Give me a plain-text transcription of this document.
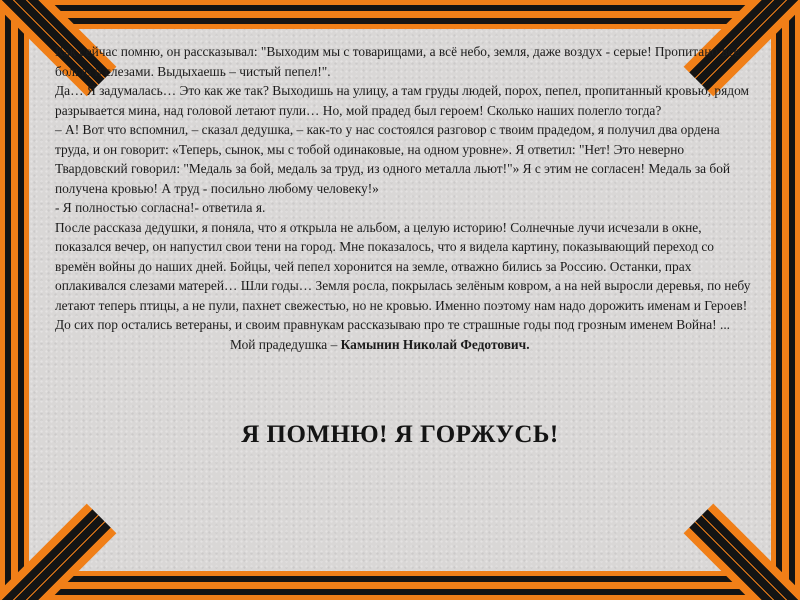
Как сейчас помню, он рассказывал: "Выходим мы с товарищами, а всё небо, земля, даже воздух - серые! Пропитано все болью и слезами. Выдыхаешь – чистый пепел!".

Да… Я задумалась… Это как же так? Выходишь на улицу, а там груды людей, порох, пепел, пропитанный кровью, рядом разрывается мина, над головой летают пули… Но, мой прадед был героем! Сколько наших полегло тогда?

– А! Вот что вспомнил, – сказал дедушка, – как-то у нас состоялся разговор с твоим прадедом, я получил два ордена труда, и он говорит: «Теперь, сынок, мы с тобой одинаковые, на одном уровне». Я ответил: "Нет! Это неверно Твардовский говорил: "Медаль за бой, медаль за труд, из одного металла льют!"» Я с этим не согласен! Медаль за бой получена кровью! А труд - посильно любому человеку!»

- Я полностью согласна!- ответила я.

После рассказа дедушки, я поняла, что я открыла не альбом, а целую историю! Солнечные лучи исчезали в окне, показался вечер, он напустил свои тени на город. Мне показалось, что я видела картину, показывающий переход со времён войны до наших дней. Бойцы, чей пепел хоронится на земле, отважно бились за Россию. Останки, прах оплакивался слезами матерей… Шли годы… Земля росла, покрылась зелёным ковром, а на ней выросли деревья, по небу летают теперь птицы, а не пули, пахнет свежестью, но не кровью. Именно поэтому нам надо дорожить именам и Героев! До сих пор остались ветераны, и своим правнукам рассказываю про те страшные годы под грозным именем Война! ...

Мой прадедушка – Камынин Николай Федотович.

Я ПОМНЮ! Я ГОРЖУСЬ!
